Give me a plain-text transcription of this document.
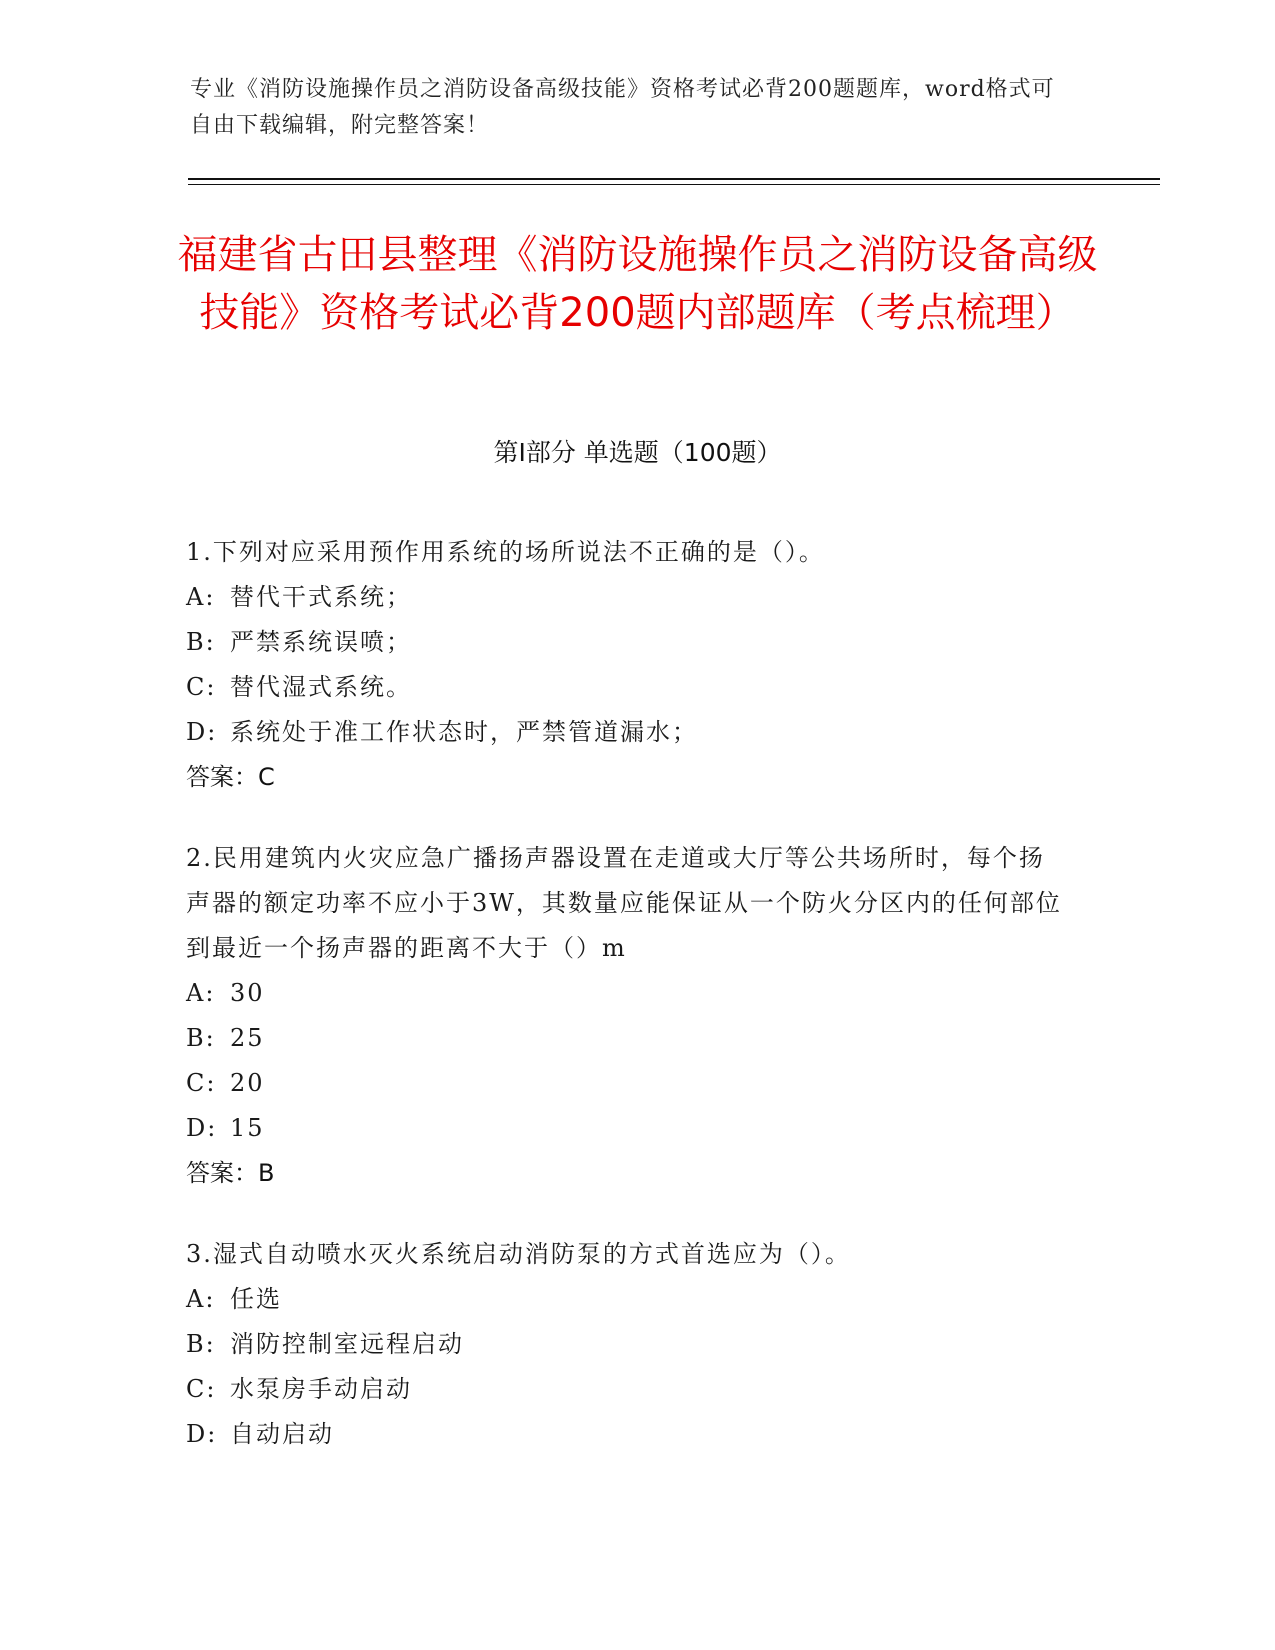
专业《消防设施操作员之消防设备高级技能》资格考试必背200题题库，word格式可自由下载编辑，附完整答案！
福建省古田县整理《消防设施操作员之消防设备高级技能》资格考试必背200题内部题库（考点梳理）
第Ⅰ部分 单选题（100题）

1.下列对应采用预作用系统的场所说法不正确的是（）。

A: 替代干式系统；

B: 严禁系统误喷；

C: 替代湿式系统。

D: 系统处于准工作状态时，严禁管道漏水；

答案：C

2.民用建筑内火灾应急广播扬声器设置在走道或大厅等公共场所时，每个扬声器的额定功率不应小于3W，其数量应能保证从一个防火分区内的任何部位到最近一个扬声器的距离不大于（）m

A: 30

B: 25

C: 20

D: 15

答案：B

3.湿式自动喷水灭火系统启动消防泵的方式首选应为（）。

A: 任选

B: 消防控制室远程启动

C: 水泵房手动启动

D: 自动启动
